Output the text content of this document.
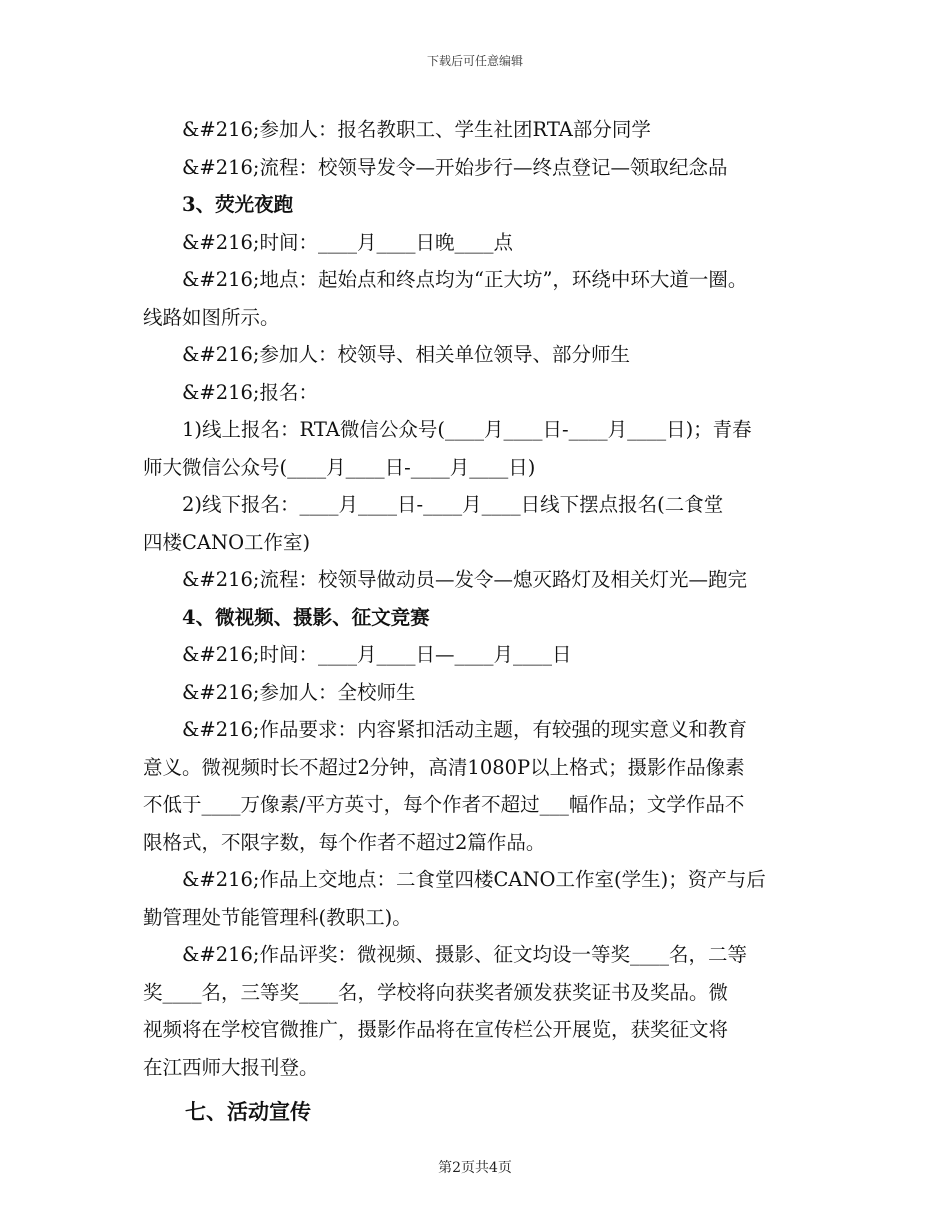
下载后可任意编辑

&#216;参加人：报名教职工、学生社团RTA部分同学

&#216;流程：校领导发令—开始步行—终点登记—领取纪念品

3、荧光夜跑

&#216;时间：____月____日晚____点

&#216;地点：起始点和终点均为“正大坊”，环绕中环大道一圈。

线路如图所示。

&#216;参加人：校领导、相关单位领导、部分师生

&#216;报名：

1)线上报名：RTA微信公众号(____月____日-____月____日)；青春

师大微信公众号(____月____日-____月____日)

2)线下报名：____月____日-____月____日线下摆点报名(二食堂

四楼CANO工作室)

&#216;流程：校领导做动员—发令—熄灭路灯及相关灯光—跑完

4、微视频、摄影、征文竞赛

&#216;时间：____月____日—____月____日

&#216;参加人：全校师生

&#216;作品要求：内容紧扣活动主题，有较强的现实意义和教育

意义。微视频时长不超过2分钟，高清1080P以上格式；摄影作品像素

不低于____万像素/平方英寸，每个作者不超过___幅作品；文学作品不

限格式，不限字数，每个作者不超过2篇作品。

&#216;作品上交地点：二食堂四楼CANO工作室(学生)；资产与后

勤管理处节能管理科(教职工)。

&#216;作品评奖：微视频、摄影、征文均设一等奖____名，二等

奖____名，三等奖____名，学校将向获奖者颁发获奖证书及奖品。微

视频将在学校官微推广，摄影作品将在宣传栏公开展览，获奖征文将

在江西师大报刊登。

七、活动宣传

第2页共4页
